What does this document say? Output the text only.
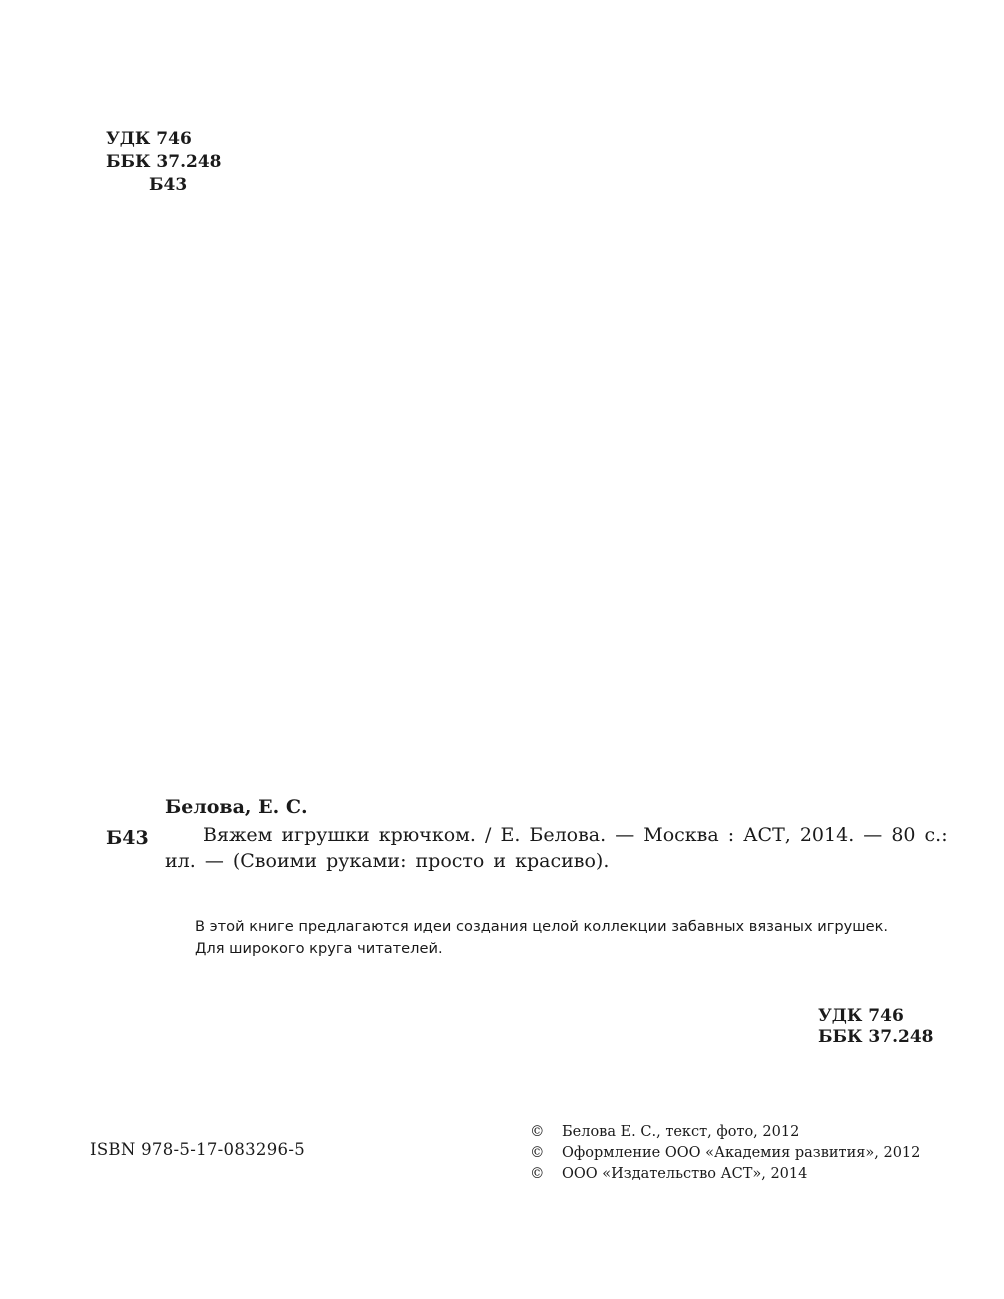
УДК 746
ББК 37.248
Б43
Белова, Е. С.
Б43	Вяжем игрушки крючком. / Е. Белова. — Москва : АСТ, 2014. — 80 с.:
ил. — (Своими руками: просто и красиво).
В этой книге предлагаются идеи создания целой коллекции забавных вязаных игрушек.
Для широкого круга читателей.
УДК 746
ББК 37.248
ISBN 978-5-17-083296-5
©	Белова Е. С., текст, фото, 2012
©	Оформление ООО «Академия развития», 2012
©	ООО «Издательство АСТ», 2014
